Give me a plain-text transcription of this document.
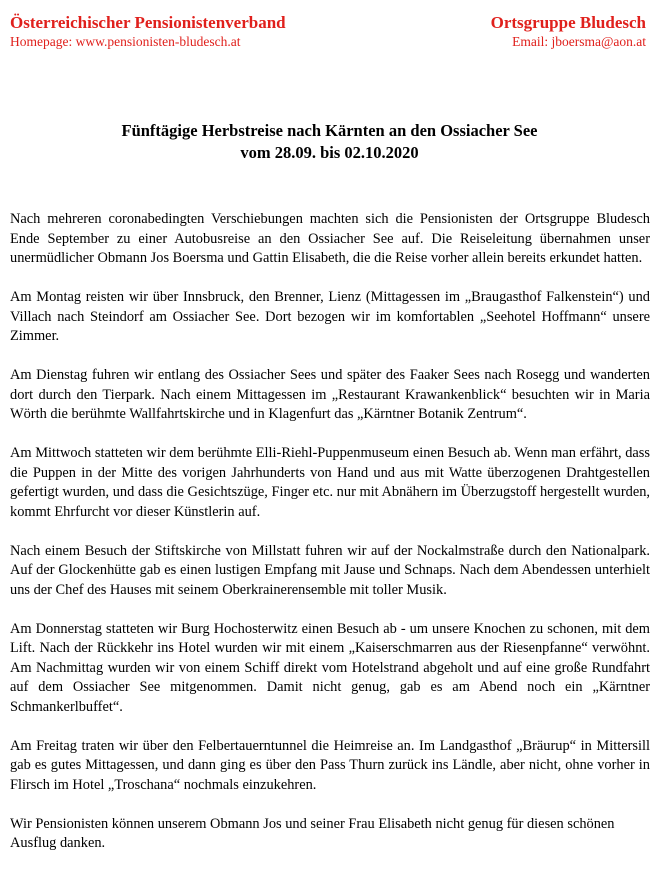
Österreichischer Pensionistenverband	Ortsgruppe Bludesch
Homepage: www.pensionisten-bludesch.at	Email: jboersma@aon.at
Fünftägige Herbstreise nach Kärnten an den Ossiacher See
vom 28.09. bis 02.10.2020

Nach mehreren coronabedingten Verschiebungen machten sich die Pensionisten der Ortsgruppe Bludesch Ende September zu einer Autobusreise an den Ossiacher See auf. Die Reiseleitung übernahmen unser unermüdlicher Obmann Jos Boersma und Gattin Elisabeth, die die Reise vorher allein bereits erkundet hatten.

Am Montag reisten wir über Innsbruck, den Brenner, Lienz (Mittagessen im „Braugasthof Falkenstein“) und Villach nach Steindorf am Ossiacher See. Dort bezogen wir im komfortablen „Seehotel Hoffmann“ unsere Zimmer.

Am Dienstag fuhren wir entlang des Ossiacher Sees und später des Faaker Sees nach Rosegg und wanderten dort durch den Tierpark. Nach einem Mittagessen im „Restaurant Krawankenblick“ besuchten wir in Maria Wörth die berühmte Wallfahrtskirche und in Klagenfurt das „Kärntner Botanik Zentrum“.

Am Mittwoch statteten wir dem berühmte Elli-Riehl-Puppenmuseum einen Besuch ab. Wenn man erfährt, dass die Puppen in der Mitte des vorigen Jahrhunderts von Hand und aus mit Watte überzogenen Drahtgestellen gefertigt wurden, und dass die Gesichtszüge, Finger etc. nur mit Abnähern im Überzugstoff hergestellt wurden, kommt Ehrfurcht vor dieser Künstlerin auf.

Nach einem Besuch der Stiftskirche von Millstatt fuhren wir auf der Nockalmstraße durch den Nationalpark. Auf der Glockenhütte gab es einen lustigen Empfang mit Jause und Schnaps. Nach dem Abendessen unterhielt uns der Chef des Hauses mit seinem Oberkrainerensemble mit toller Musik.

Am Donnerstag statteten wir Burg Hochosterwitz einen Besuch ab - um unsere Knochen zu schonen, mit dem Lift. Nach der Rückkehr ins Hotel wurden wir mit einem „Kaiserschmarren aus der Riesenpfanne“ verwöhnt. Am Nachmittag wurden wir von einem Schiff direkt vom Hotelstrand abgeholt und auf eine große Rundfahrt auf dem Ossiacher See mitgenommen. Damit nicht genug, gab es am Abend noch ein „Kärntner Schmankerlbuffet“.

Am Freitag traten wir über den Felbertauerntunnel die Heimreise an. Im Landgasthof „Bräurup“ in Mittersill gab es gutes Mittagessen, und dann ging es über den Pass Thurn zurück ins Ländle, aber nicht, ohne vorher in Flirsch im Hotel „Troschana“ nochmals einzukehren.

Wir Pensionisten können unserem Obmann Jos und seiner Frau Elisabeth nicht genug für diesen schönen Ausflug danken.
